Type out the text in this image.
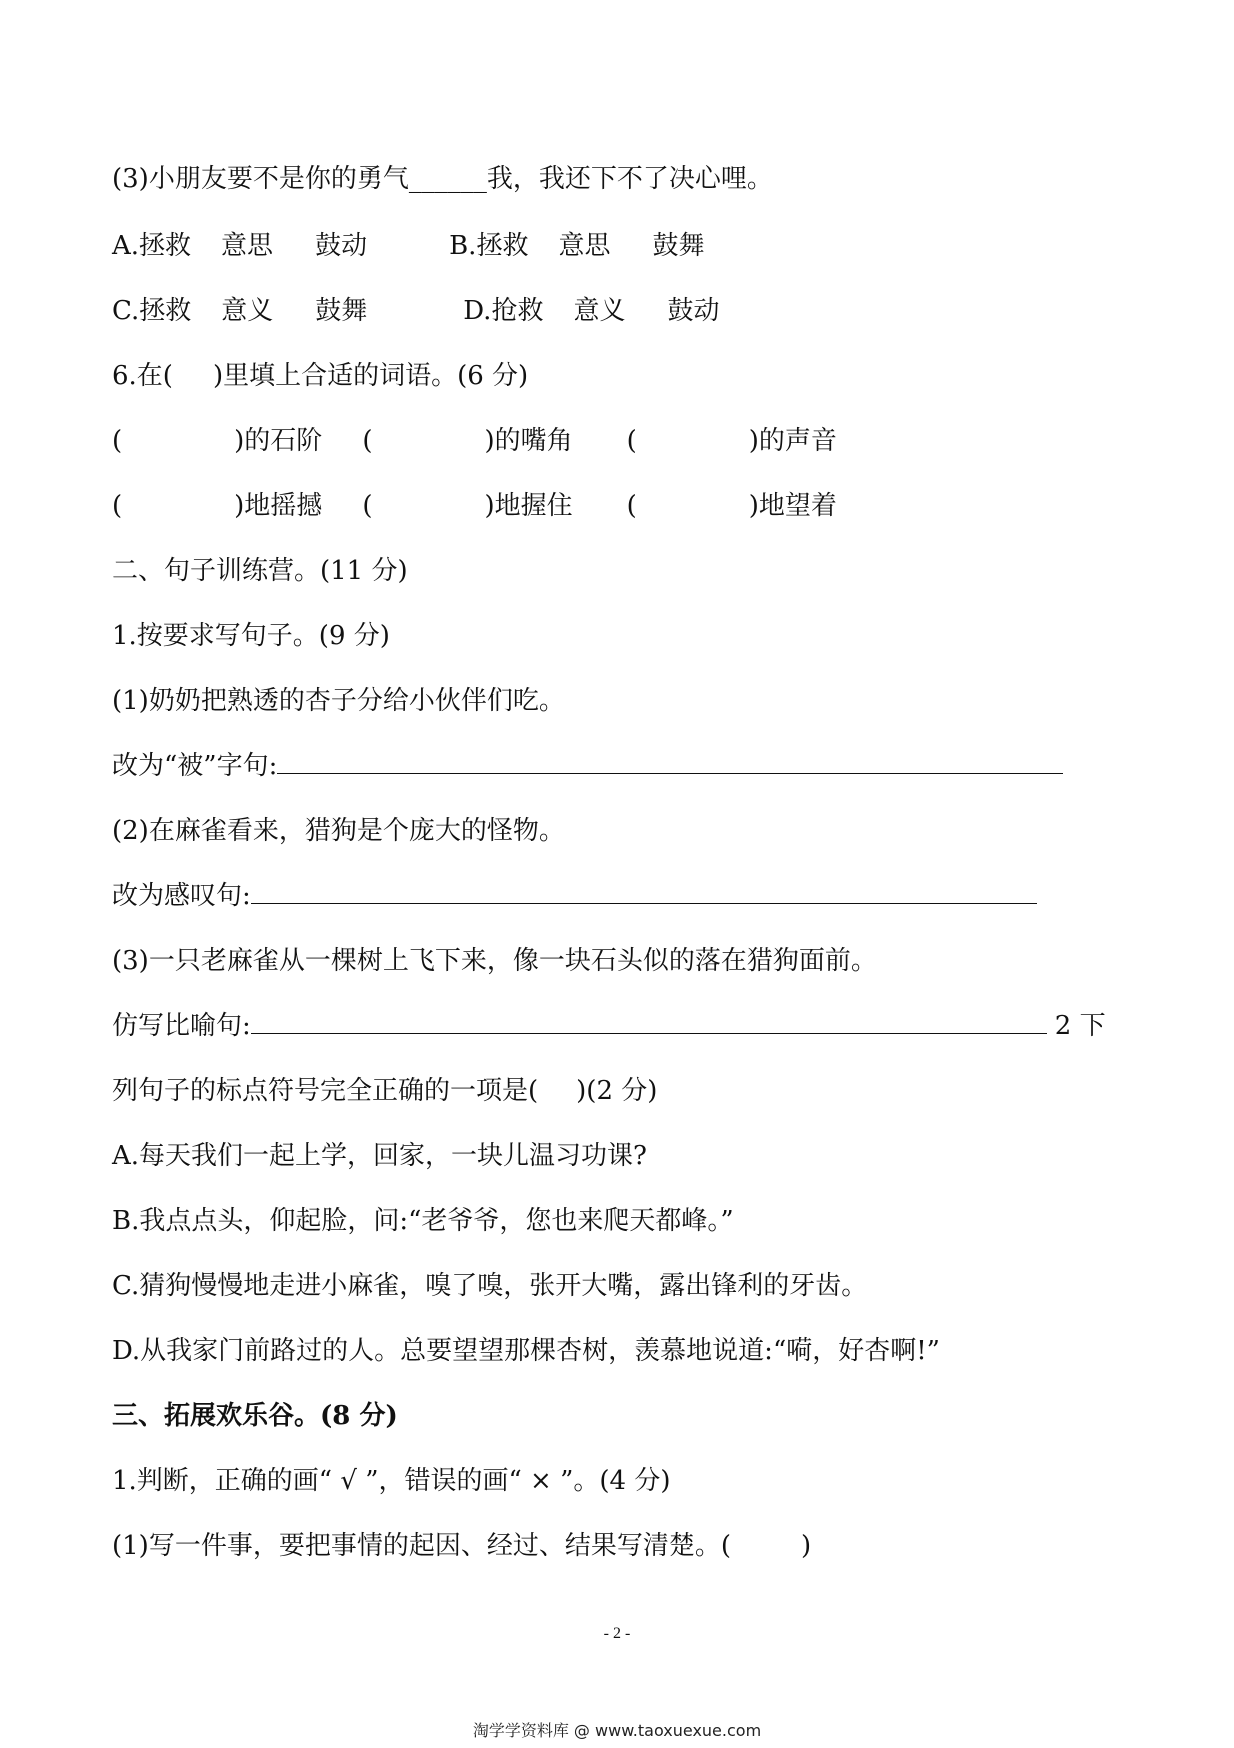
(3)小朋友要不是你的勇气______我，我还下不了决心哩。
A.拯救 意思 鼓动	B.拯救 意思 鼓舞
C.拯救 意义 鼓舞	D.抢救 意义 鼓动
6.在( )里填上合适的词语。(6 分)
(	)的石阶 (	)的嘴角 (	)的声音
(	)地摇撼 (	)地握住 (	)地望着
二、句子训练营。(11 分)
1.按要求写句子。(9 分)
(1)奶奶把熟透的杏子分给小伙伴们吃。
改为“被”字句:
(2)在麻雀看来，猎狗是个庞大的怪物。
改为感叹句:
(3)一只老麻雀从一棵树上飞下来，像一块石头似的落在猎狗面前。
仿写比喻句:	2 下
列句子的标点符号完全正确的一项是( )(2 分)
A.每天我们一起上学，回家，一块儿温习功课?
B.我点点头，仰起脸，问:“老爷爷，您也来爬天都峰。”
C.猜狗慢慢地走进小麻雀，嗅了嗅，张开大嘴，露出锋利的牙齿。
D.从我家门前路过的人。总要望望那棵杏树，羡慕地说道:“嗬，好杏啊!”
三、拓展欢乐谷。(8 分)
1.判断，正确的画“ √ ”，错误的画“ × ”。(4 分)
(1)写一件事，要把事情的起因、经过、结果写清楚。(	)
- 2 -
淘学学资料库 @ www.taoxuexue.com
